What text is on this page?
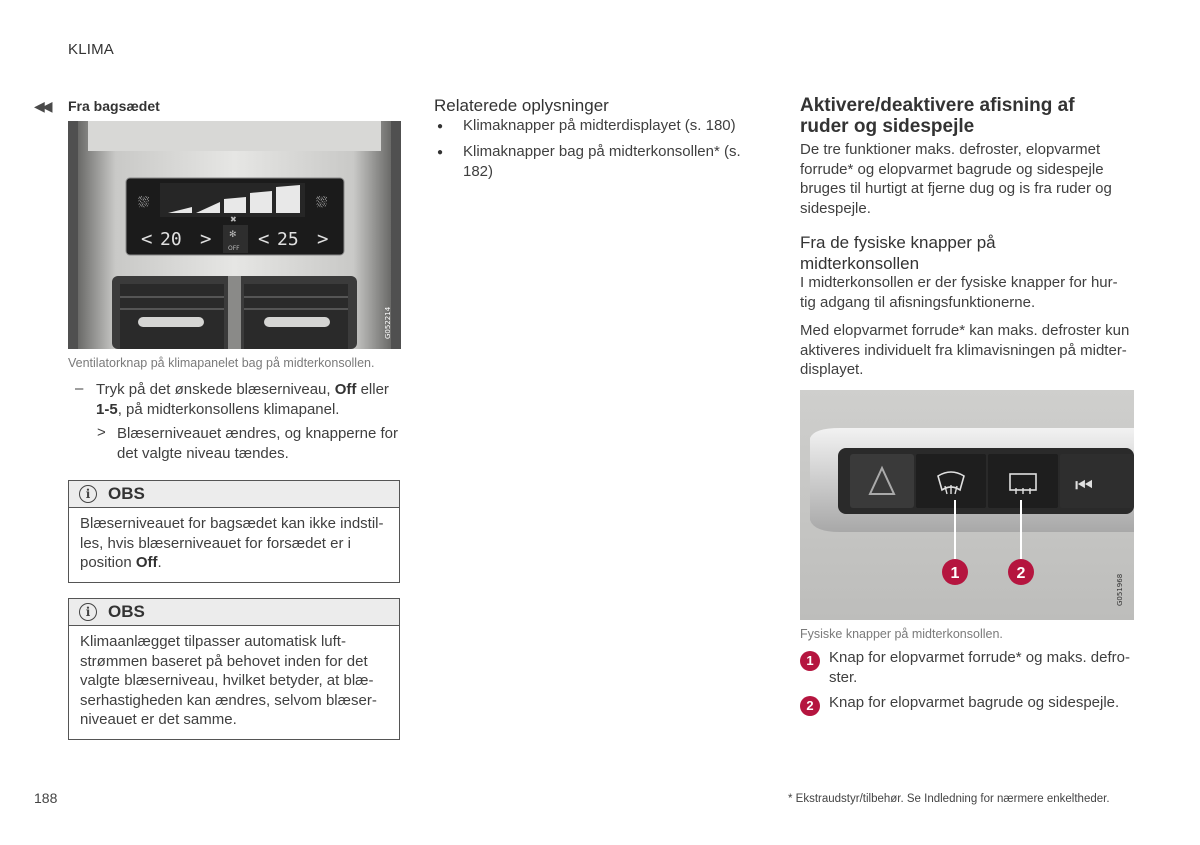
KLIMA
◀◀ Fra bagsædet
⛆	⛆
✖
< 20 > ✻
OFF < 25 >
G052214
Ventilatorknap på klimapanelet bag på midterkonsollen.
– Tryk på det ønskede blæserniveau, Off eller 1-5, på midterkonsollens klimapanel.
> Blæserniveauet ændres, og knapperne for det valgte niveau tændes.
i	OBS
Blæserniveauet for bagsædet kan ikke indstil-les, hvis blæserniveauet for forsædet er i position Off.
i	OBS
Klimaanlægget tilpasser automatisk luft-strømmen baseret på behovet inden for det valgte blæserniveau, hvilket betyder, at blæ-serhastigheden kan ændres, selvom blæser-niveauet er det samme.
Relaterede oplysninger
● Klimaknapper på midterdisplayet (s. 180)
● Klimaknapper bag på midterkonsollen* (s. 182)
Aktivere/deaktivere afisning af ruder og sidespejle
De tre funktioner maks. defroster, elopvarmet forrude* og elopvarmet bagrude og sidespejle bruges til hurtigt at fjerne dug og is fra ruder og sidespejle.
Fra de fysiske knapper på midterkonsollen
I midterkonsollen er der fysiske knapper for hur-tig adgang til afisningsfunktionerne.
Med elopvarmet forrude* kan maks. defroster kun aktiveres individuelt fra klimavisningen på midter-displayet.
⏮
1	2
G051968
Fysiske knapper på midterkonsollen.
1	Knap for elopvarmet forrude* og maks. defro-ster.
2	Knap for elopvarmet bagrude og sidespejle.
188	* Ekstraudstyr/tilbehør. Se Indledning for nærmere enkeltheder.
